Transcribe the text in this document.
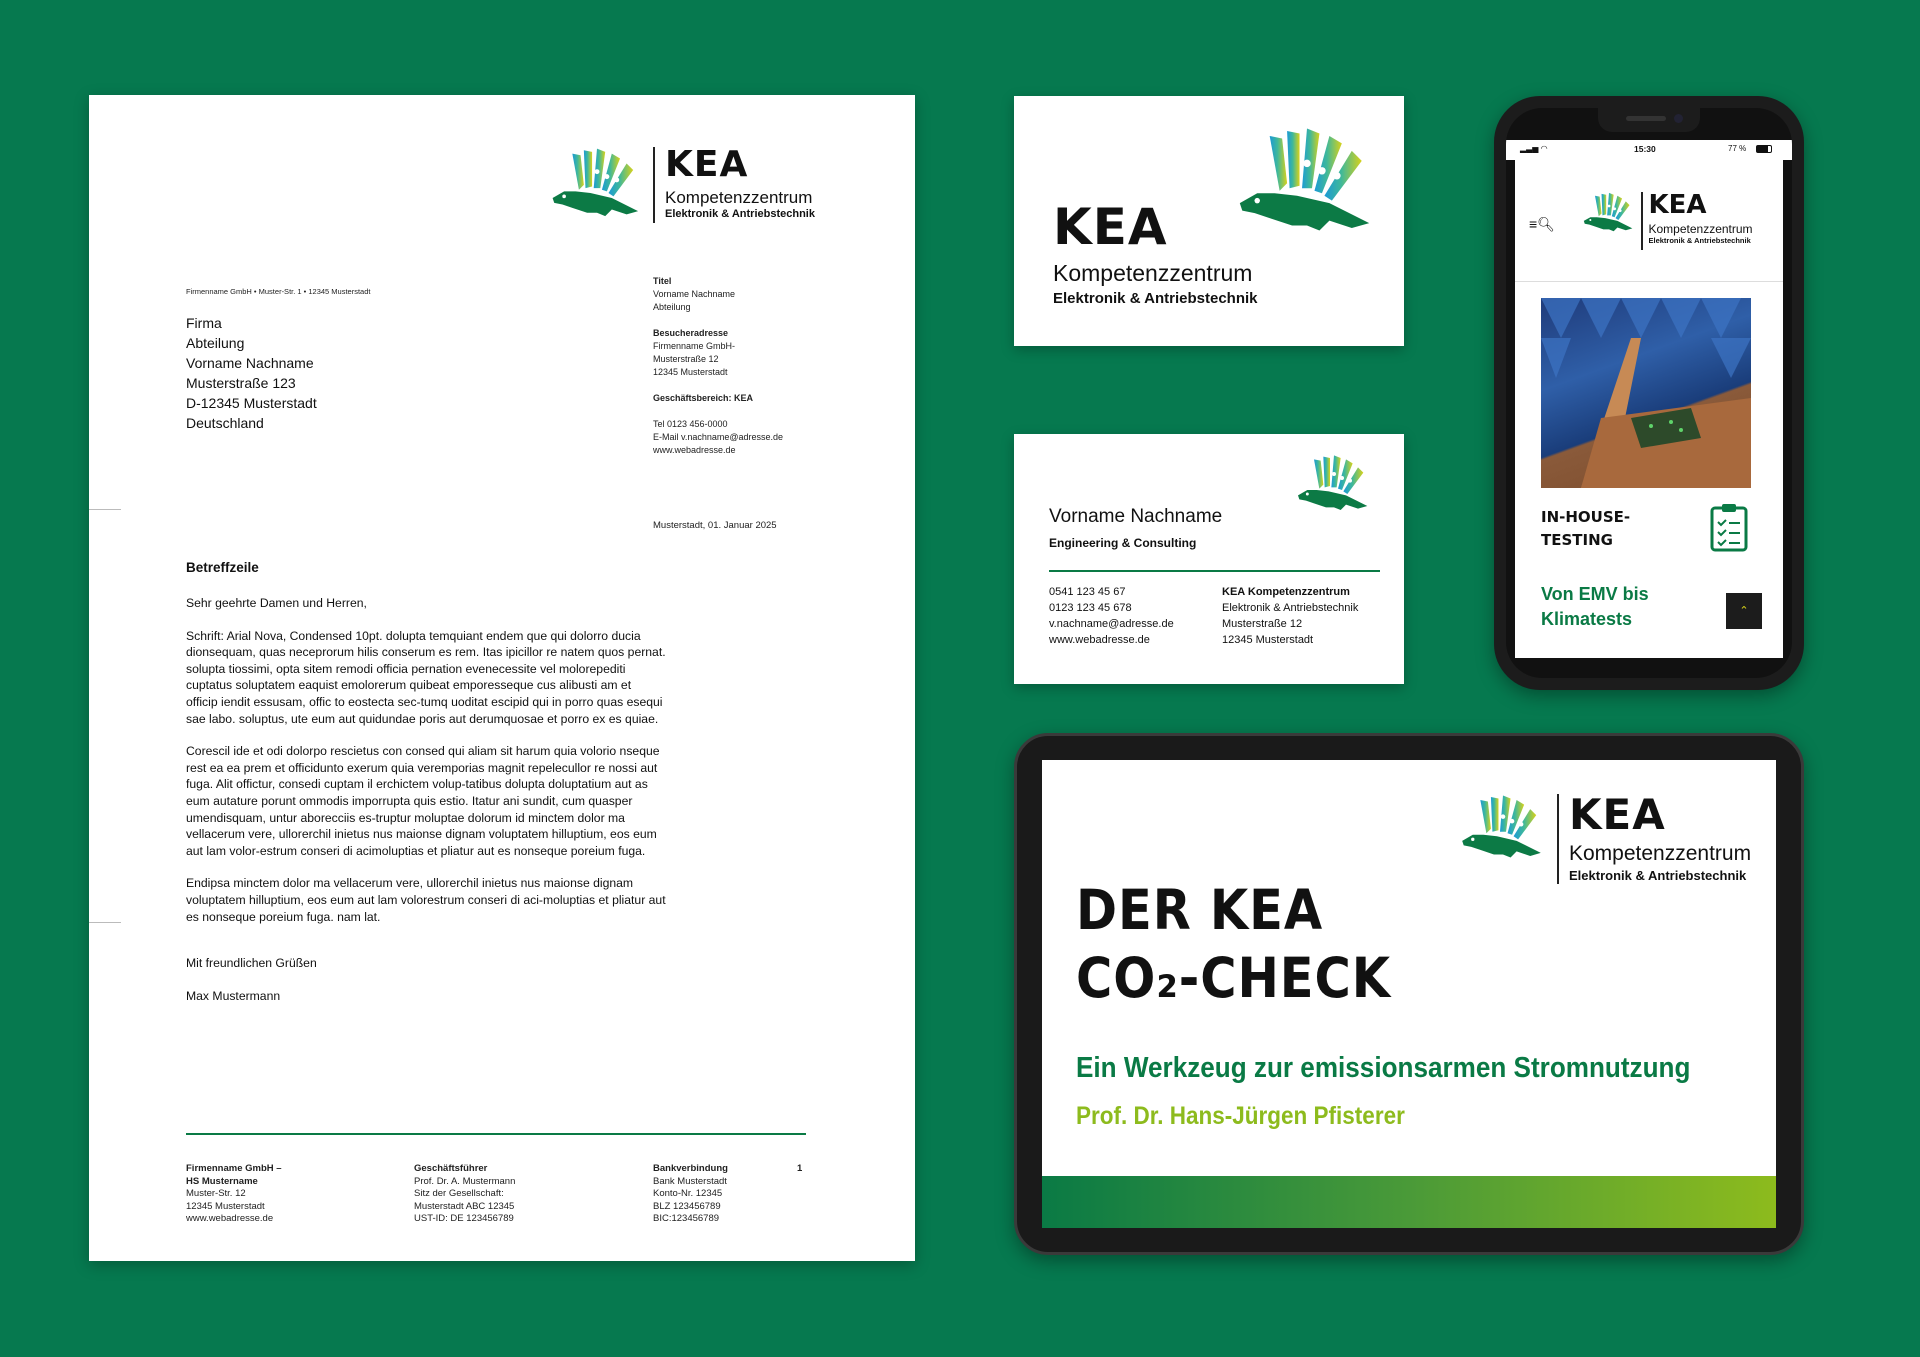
KEA
Kompetenzzentrum
Elektronik & Antriebstechnik
Firmenname GmbH • Muster-Str. 1 • 12345 Musterstadt
Firma
Abteilung
Vorname Nachname
Musterstraße 123
D-12345 Musterstadt
Deutschland
Titel
Vorname Nachname
Abteilung
Besucheradresse
Firmenname GmbH-
Musterstraße 12
12345 Musterstadt
Geschäftsbereich: KEA
Tel 0123 456-0000
E-Mail v.nachname@adresse.de
www.webadresse.de
Musterstadt, 01. Januar 2025
Betreffzeile

Sehr geehrte Damen und Herren,

Schrift: Arial Nova, Condensed 10pt. dolupta temquiant endem que qui dolorro ducia dionsequam, quas neceprorum hilis conserum es rem. Itas ipicillor re natem quos pernat. solupta tiossimi, opta sitem remodi officia pernation evenecessite vel molorepediti cuptatus soluptatem eaquist emolorerum quibeat emporesseque cus alibusti am et officip iendit essusam, offic to eostecta sec-tumq uoditat escipid qui in porro quas esequi sae labo. soluptus, ute eum aut quidundae poris aut derumquosae et porro ex es quiae.

Corescil ide et odi dolorpo rescietus con consed qui aliam sit harum quia volorio nseque rest ea ea prem et officidunto exerum quia veremporias magnit repelecullor re nossi aut fuga. Alit offictur, consedi cuptam il erchictem volup-tatibus dolupta doluptatium aut as eum autature porunt ommodis imporrupta quis estio. Itatur ani sundit, cum quasper umendisquam, untur aborecciis es-truptur moluptae dolorum id minctem dolor ma vellacerum vere, ullorerchil inietus nus maionse dignam voluptatem hilluptium, eos eum aut lam volor-estrum conseri di acimoluptias et pliatur aut es nonseque poreium fuga.

Endipsa minctem dolor ma vellacerum vere, ullorerchil inietus nus maionse dignam voluptatem hilluptium, eos eum aut lam volorestrum conseri di aci-moluptias et pliatur aut es nonseque poreium fuga. nam lat.

Mit freundlichen Grüßen

Max Mustermann

Firmenname GmbH –
HS Mustername
Muster-Str. 12
12345 Musterstadt
www.webadresse.de
Geschäftsführer
Prof. Dr. A. Mustermann
Sitz der Gesellschaft:
Musterstadt ABC 12345
UST-ID: DE 123456789
Bankverbindung
Bank Musterstadt
Konto-Nr. 12345
BLZ 123456789
BIC:123456789
1
KEA
Kompetenzzentrum
Elektronik & Antriebstechnik
Vorname Nachname
Engineering & Consulting
0541 123 45 67
0123 123 45 678
v.nachname@adresse.de
www.webadresse.de
KEA Kompetenzzentrum
Elektronik & Antriebstechnik
Musterstraße 12
12345 Musterstadt
▂▃▅ ◠	15:30	77 %
≡🔍︎
KEA
Kompetenzzentrum
Elektronik & Antriebstechnik
IN-HOUSE-TESTING
Von EMV bis Klimatests	⌃
KEA
Kompetenzzentrum
Elektronik & Antriebstechnik
DER KEA
CO₂-CHECK
Ein Werkzeug zur emissionsarmen Stromnutzung
Prof. Dr. Hans-Jürgen Pfisterer
